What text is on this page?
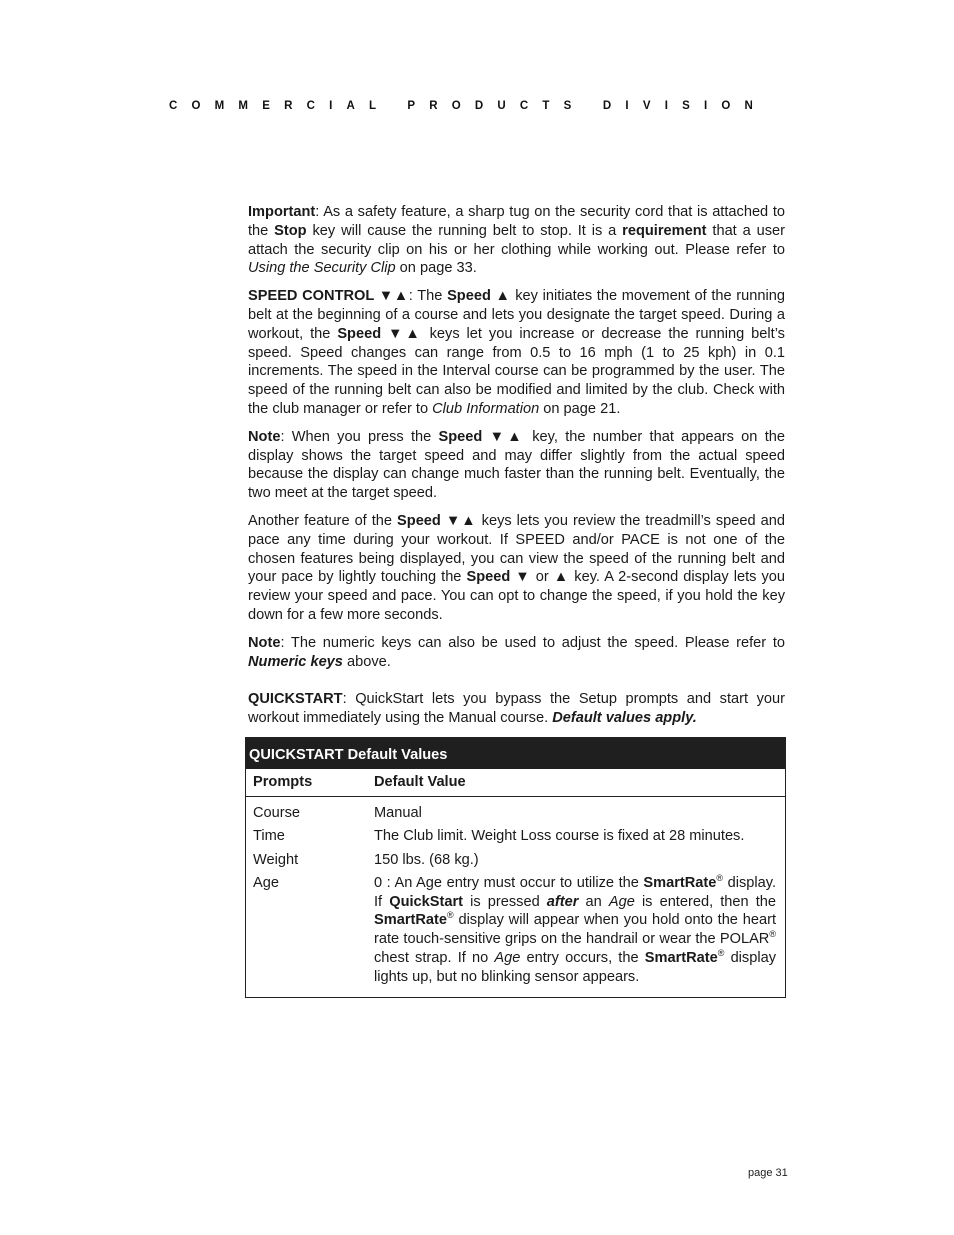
COMMERCIAL PRODUCTS DIVISION

Important: As a safety feature, a sharp tug on the security cord that is attached to the Stop key will cause the running belt to stop. It is a requirement that a user attach the security clip on his or her clothing while working out. Please refer to Using the Security Clip on page 33.

SPEED CONTROL ▼▲: The Speed ▲ key initiates the movement of the running belt at the beginning of a course and lets you designate the target speed. During a workout, the Speed ▼▲ keys let you increase or decrease the running belt’s speed. Speed changes can range from 0.5 to 16 mph (1 to 25 kph) in 0.1 increments. The speed in the Interval course can be programmed by the user. The speed of the running belt can also be modified and limited by the club. Check with the club manager or refer to Club Information on page 21.

Note: When you press the Speed ▼▲ key, the number that appears on the display shows the target speed and may differ slightly from the actual speed because the display can change much faster than the running belt. Eventually, the two meet at the target speed.

Another feature of the Speed ▼▲ keys lets you review the treadmill’s speed and pace any time during your workout. If SPEED and/or PACE is not one of the chosen features being displayed, you can view the speed of the running belt and your pace by lightly touching the Speed ▼ or ▲ key. A 2-second display lets you review your speed and pace. You can opt to change the speed, if you hold the key down for a few more seconds.

Note: The numeric keys can also be used to adjust the speed. Please refer to Numeric keys above.

QUICKSTART: QuickStart lets you bypass the Setup prompts and start your workout immediately using the Manual course. Default values apply.

QUICKSTART Default Values
Prompts	Default Value
Course	Manual
Time	The Club limit. Weight Loss course is fixed at 28 minutes.
Weight	150 lbs. (68 kg.)
Age	0 : An Age entry must occur to utilize the SmartRate® display. If QuickStart is pressed after an Age is entered, then the SmartRate® display will appear when you hold onto the heart rate touch-sensitive grips on the handrail or wear the POLAR® chest strap. If no Age entry occurs, the SmartRate® display lights up, but no blinking sensor appears.
page 31
